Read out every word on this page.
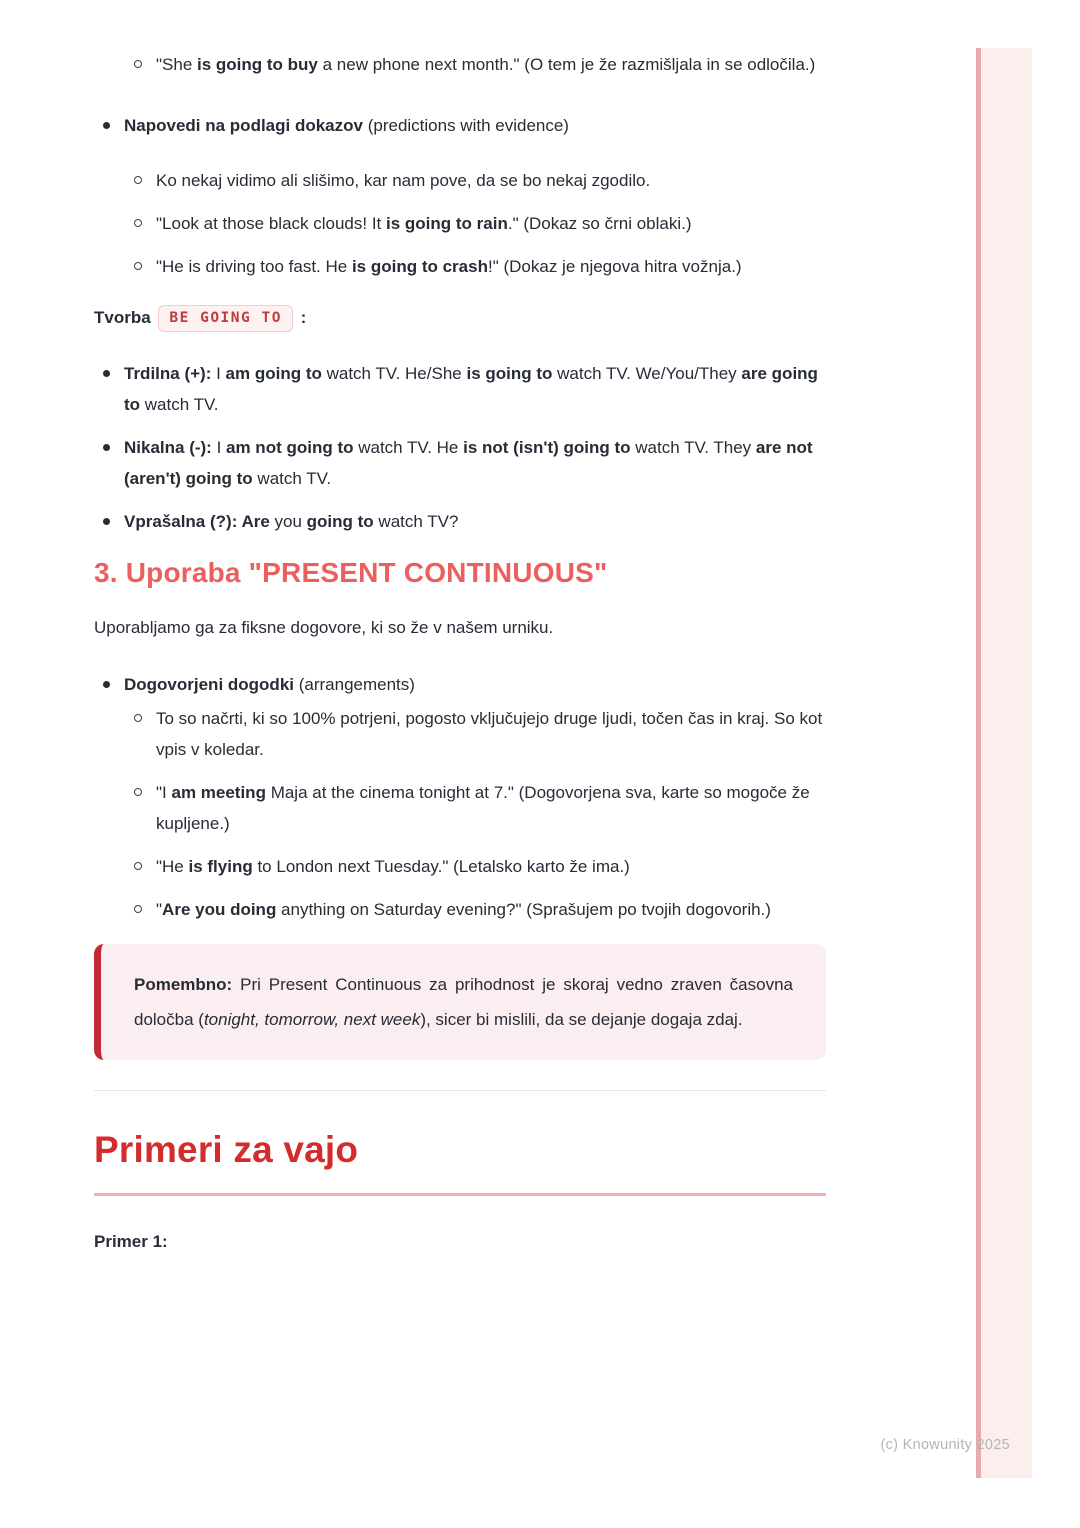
"She is going to buy a new phone next month." (O tem je že razmišljala in se odločila.)
Napovedi na podlagi dokazov (predictions with evidence)
Ko nekaj vidimo ali slišimo, kar nam pove, da se bo nekaj zgodilo.
"Look at those black clouds! It is going to rain." (Dokaz so črni oblaki.)
"He is driving too fast. He is going to crash!" (Dokaz je njegova hitra vožnja.)

Tvorba BE GOING TO :

Trdilna (+): I am going to watch TV. He/She is going to watch TV. We/You/They are going to watch TV.
Nikalna (-): I am not going to watch TV. He is not (isn't) going to watch TV. They are not (aren't) going to watch TV.
Vprašalna (?): Are you going to watch TV?
3. Uporaba "PRESENT CONTINUOUS"

Uporabljamo ga za fiksne dogovore, ki so že v našem urniku.

Dogovorjeni dogodki (arrangements)
To so načrti, ki so 100% potrjeni, pogosto vključujejo druge ljudi, točen čas in kraj. So kot vpis v koledar.
"I am meeting Maja at the cinema tonight at 7." (Dogovorjena sva, karte so mogoče že kupljene.)
"He is flying to London next Tuesday." (Letalsko karto že ima.)
"Are you doing anything on Saturday evening?" (Sprašujem po tvojih dogovorih.)

Pomembno: Pri Present Continuous za prihodnost je skoraj vedno zraven časovna določba (tonight, tomorrow, next week), sicer bi mislili, da se dejanje dogaja zdaj.

Primeri za vajo

Primer 1:

(c) Knowunity 2025
